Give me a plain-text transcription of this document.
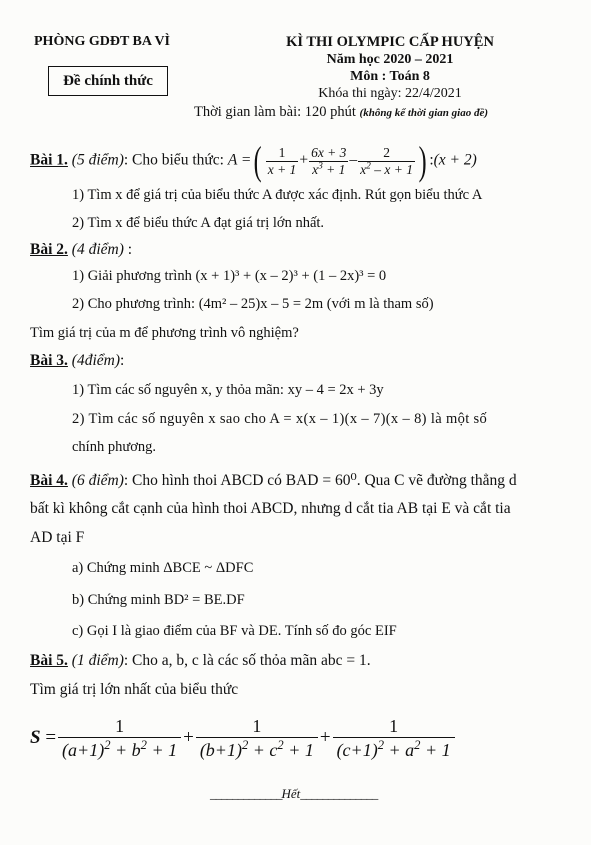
PHÒNG GDĐT BA VÌ
Đề chính thức
KÌ THI OLYMPIC CẤP HUYỆN
Năm học 2020 – 2021
Môn : Toán 8
Khóa thi ngày: 22/4/2021
Thời gian làm bài: 120 phút (không kể thời gian giao đề)
Bài 1. (5 điểm): Cho biểu thức: A =( $\frac{1}{x + 1} + \frac{6x + 3}{x^3 + 1} - \frac{2}{x^2 - x + 1}$ ) :(x + 2)
1) Tìm x để giá trị của biểu thức A được xác định. Rút gọn biểu thức A
2) Tìm x để biểu thức A đạt giá trị lớn nhất.
Bài 2. (4 điểm) :
1) Giải phương trình (x + 1)³ + (x – 2)³ + (1 – 2x)³ = 0
2) Cho phương trình: (4m² – 25)x – 5 = 2m (với m là tham số)
Tìm giá trị của m để phương trình vô nghiệm?
Bài 3. (4điểm):
1) Tìm các số nguyên x, y thỏa mãn: xy – 4 = 2x + 3y
2) Tìm các số nguyên x sao cho A = x(x – 1)(x – 7)(x – 8) là một số
chính phương.
Bài 4. (6 điểm): Cho hình thoi ABCD có BAD = 60⁰. Qua C vẽ đường thẳng d
bất kì không cắt cạnh của hình thoi ABCD, nhưng d cắt tia AB tại E và cắt tia
AD tại F
a) Chứng minh ΔBCE ~ ΔDFC
b) Chứng minh BD² = BE.DF
c) Gọi I là giao điểm của BF và DE. Tính số đo góc EIF
Bài 5. (1 điểm): Cho a, b, c là các số thỏa mãn abc = 1.
Tìm giá trị lớn nhất của biểu thức
$S = \frac{1}{(a+1)^2 + b^2 + 1} + \frac{1}{(b+1)^2 + c^2 + 1} + \frac{1}{(c+1)^2 + a^2 + 1}$
_____________Hết______________
